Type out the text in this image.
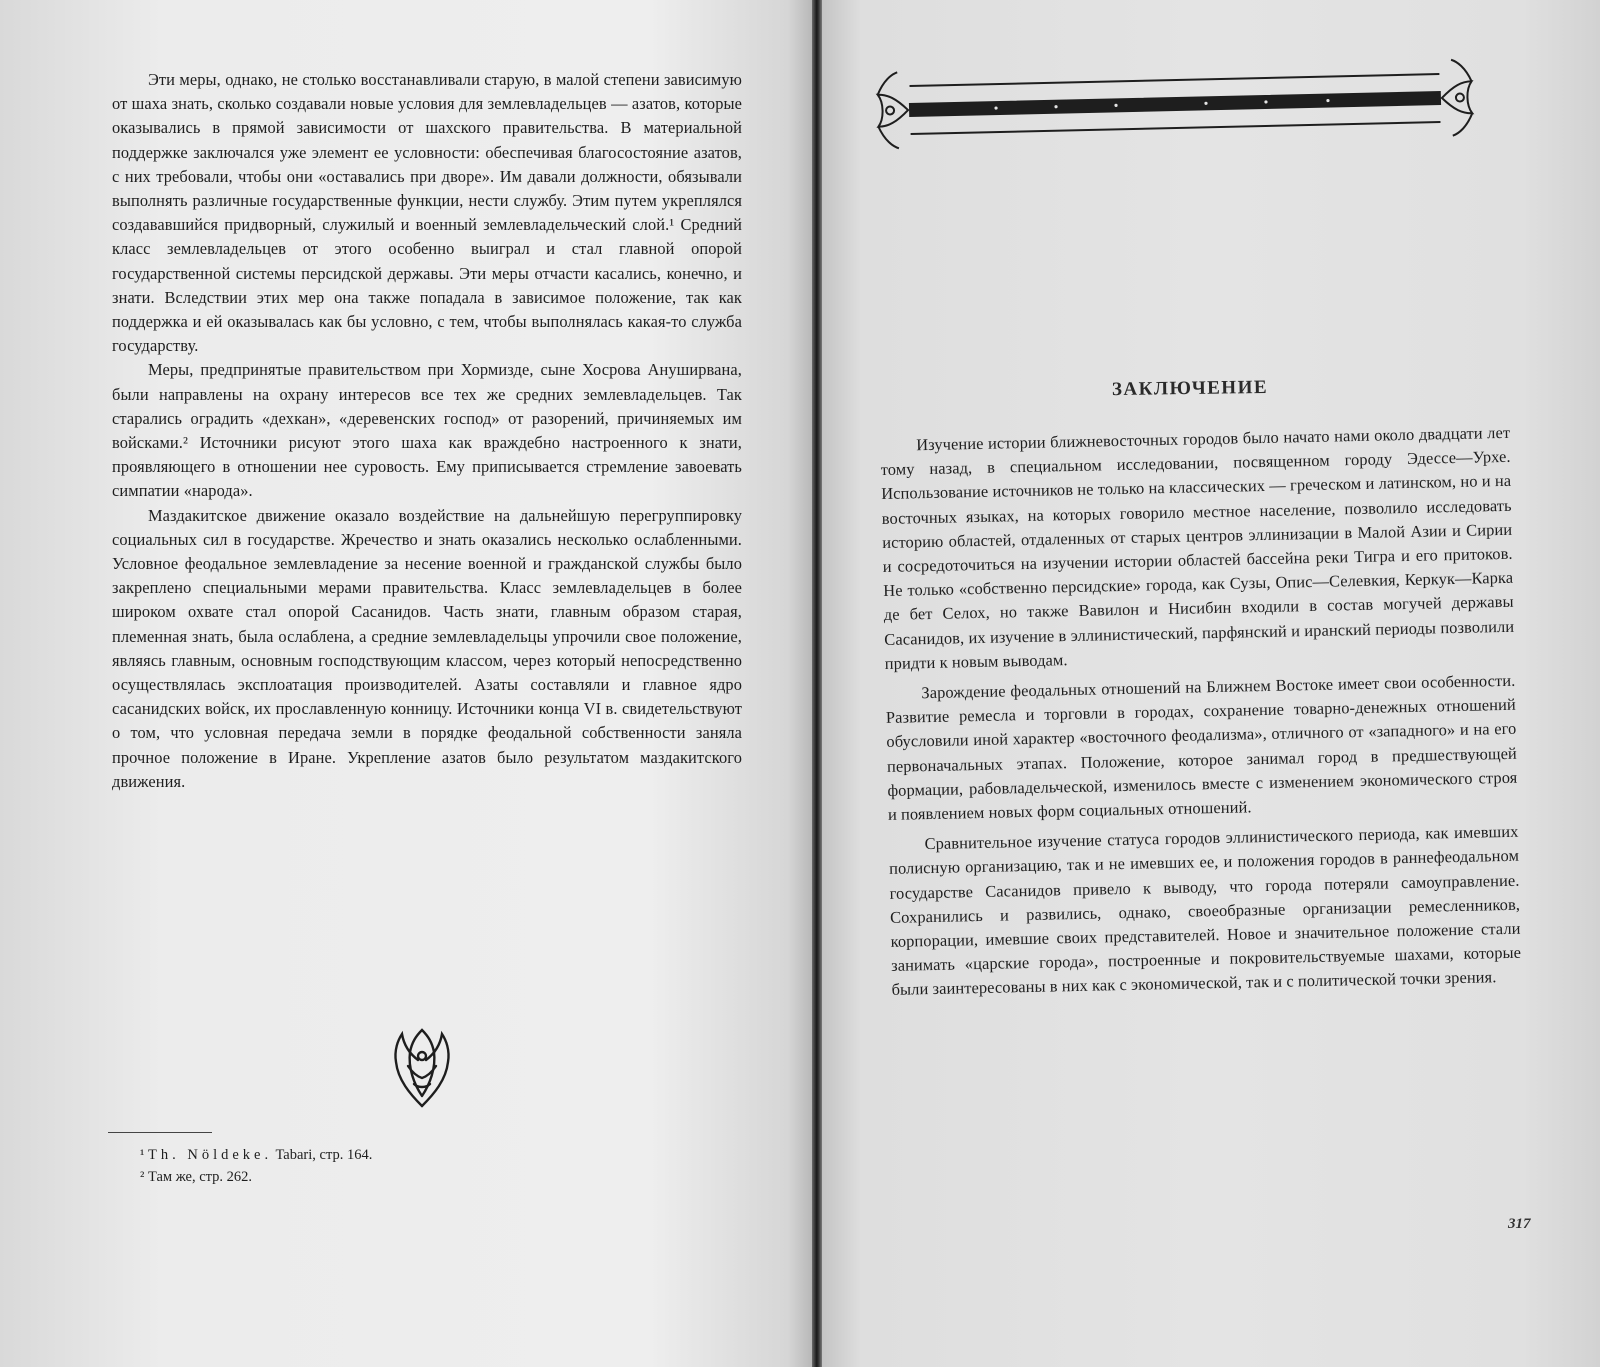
Эти меры, однако, не столько восстанавливали старую, в малой степени зависимую от шаха знать, сколько создавали новые условия для землевладельцев — азатов, которые оказывались в прямой зависимости от шахского правительства. В материальной поддержке заключался уже элемент ее условности: обеспечивая благосостояние азатов, с них требовали, чтобы они «оставались при дворе». Им давали должности, обязывали выполнять различные государственные функции, нести службу. Этим путем укреплялся создававшийся придворный, служилый и военный землевладельческий слой.¹ Средний класс землевладельцев от этого особенно выиграл и стал главной опорой государственной системы персидской державы. Эти меры отчасти касались, конечно, и знати. Вследствии этих мер она также попадала в зависимое положение, так как поддержка и ей оказывалась как бы условно, с тем, чтобы выполнялась какая-то служба государству.

Меры, предпринятые правительством при Хормизде, сыне Хосрова Ануширвана, были направлены на охрану интересов все тех же средних землевладельцев. Так старались оградить «дехкан», «деревенских господ» от разорений, причиняемых им войсками.² Источники рисуют этого шаха как враждебно настроенного к знати, проявляющего в отношении нее суровость. Ему приписывается стремление завоевать симпатии «народа».

Маздакитское движение оказало воздействие на дальнейшую перегруппировку социальных сил в государстве. Жречество и знать оказались несколько ослабленными. Условное феодальное землевладение за несение военной и гражданской службы было закреплено специальными мерами правительства. Класс землевладельцев в более широком охвате стал опорой Сасанидов. Часть знати, главным образом старая, племенная знать, была ослаблена, а средние землевладельцы упрочили свое положение, являясь главным, основным господствующим классом, через который непосредственно осуществлялась эксплоатация производителей. Азаты составляли и главное ядро сасанидских войск, их прославленную конницу. Источники конца VI в. свидетельствуют о том, что условная передача земли в порядке феодальной собственности заняла прочное положение в Иране. Укрепление азатов было результатом маздакитского движения.

¹ Th. Nöldeke. Tabari, стр. 164.
² Там же, стр. 262.
ЗАКЛЮЧЕНИЕ

Изучение истории ближневосточных городов было начато нами около двадцати лет тому назад, в специальном исследовании, посвященном городу Эдессе—Урхе. Использование источников не только на классических — греческом и латинском, но и на восточных языках, на которых говорило местное население, позволило исследовать историю областей, отдаленных от старых центров эллинизации в Малой Азии и Сирии и сосредоточиться на изучении истории областей бассейна реки Тигра и его притоков. Не только «собственно персидские» города, как Сузы, Опис—Селевкия, Керкук—Карка де бет Селох, но также Вавилон и Нисибин входили в состав могучей державы Сасанидов, их изучение в эллинистический, парфянский и иранский периоды позволили придти к новым выводам.

Зарождение феодальных отношений на Ближнем Востоке имеет свои особенности. Развитие ремесла и торговли в городах, сохранение товарно-денежных отношений обусловили иной характер «восточного феодализма», отличного от «западного» и на его первоначальных этапах. Положение, которое занимал город в предшествующей формации, рабовладельческой, изменилось вместе с изменением экономического строя и появлением новых форм социальных отношений.

Сравнительное изучение статуса городов эллинистического периода, как имевших полисную организацию, так и не имевших ее, и положения городов в раннефеодальном государстве Сасанидов привело к выводу, что города потеряли самоуправление. Сохранились и развились, однако, своеобразные организации ремесленников, корпорации, имевшие своих представителей. Новое и значительное положение стали занимать «царские города», построенные и покровительствуемые шахами, которые были заинтересованы в них как с экономической, так и с политической точки зрения.

317
